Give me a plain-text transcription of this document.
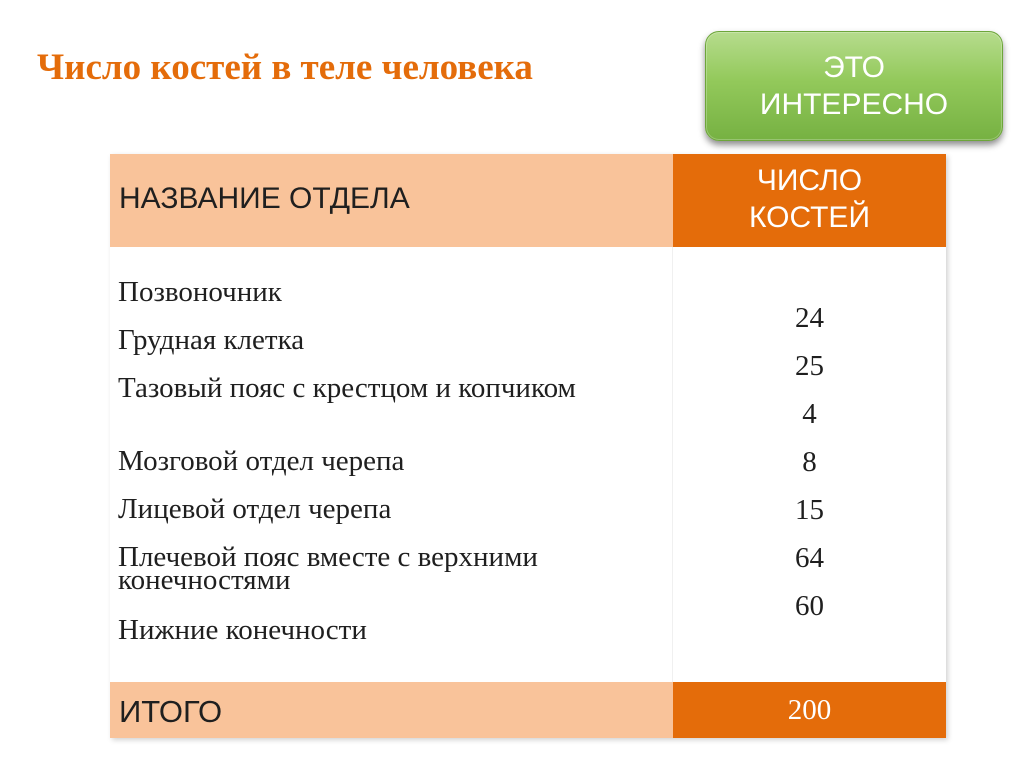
Число костей в теле человека	ЭТО
ИНТЕРЕСНО
НАЗВАНИЕ ОТДЕЛА
ЧИСЛО
КОСТЕЙ
Позвоночник
Грудная клетка
Тазовый пояс с крестцом и копчиком
Мозговой отдел черепа
Лицевой отдел черепа
Плечевой пояс вместе с верхними конечностями
Нижние конечности
24
25
4
8
15
64
60
ИТОГО	200
